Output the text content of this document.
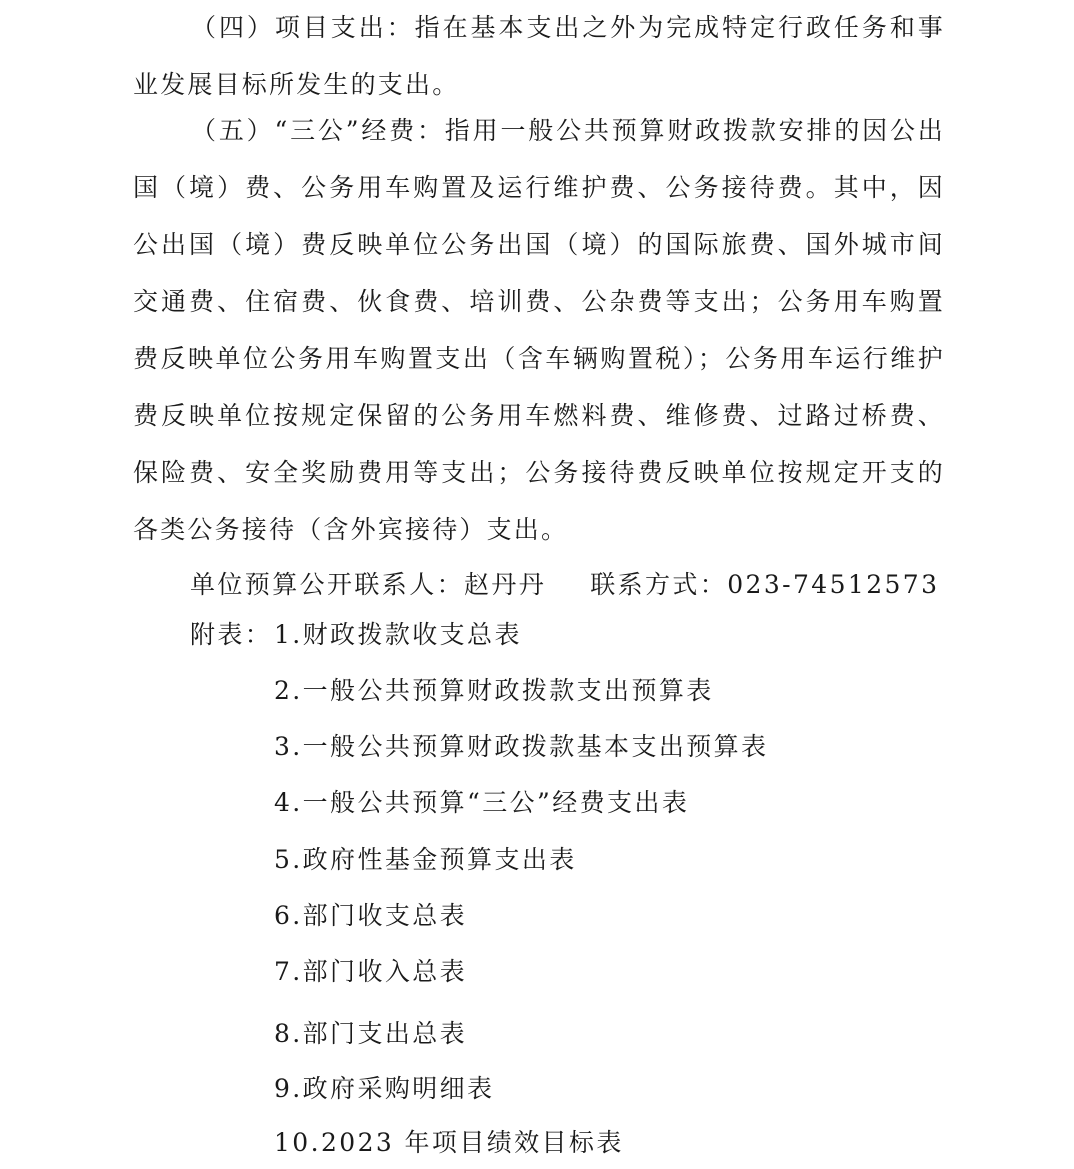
（四）项目支出：指在基本支出之外为完成特定行政任务和事业发展目标所发生的支出。

（五）“三公”经费：指用一般公共预算财政拨款安排的因公出国（境）费、公务用车购置及运行维护费、公务接待费。其中，因公出国（境）费反映单位公务出国（境）的国际旅费、国外城市间交通费、住宿费、伙食费、培训费、公杂费等支出；公务用车购置费反映单位公务用车购置支出（含车辆购置税）；公务用车运行维护费反映单位按规定保留的公务用车燃料费、维修费、过路过桥费、保险费、安全奖励费用等支出；公务接待费反映单位按规定开支的各类公务接待（含外宾接待）支出。

单位预算公开联系人：赵丹丹 联系方式：023-74512573
附表： 1.财政拨款收支总表
2.一般公共预算财政拨款支出预算表
3.一般公共预算财政拨款基本支出预算表
4.一般公共预算“三公”经费支出表
5.政府性基金预算支出表
6.部门收支总表
7.部门收入总表
8.部门支出总表
9.政府采购明细表
10.2023 年项目绩效目标表
